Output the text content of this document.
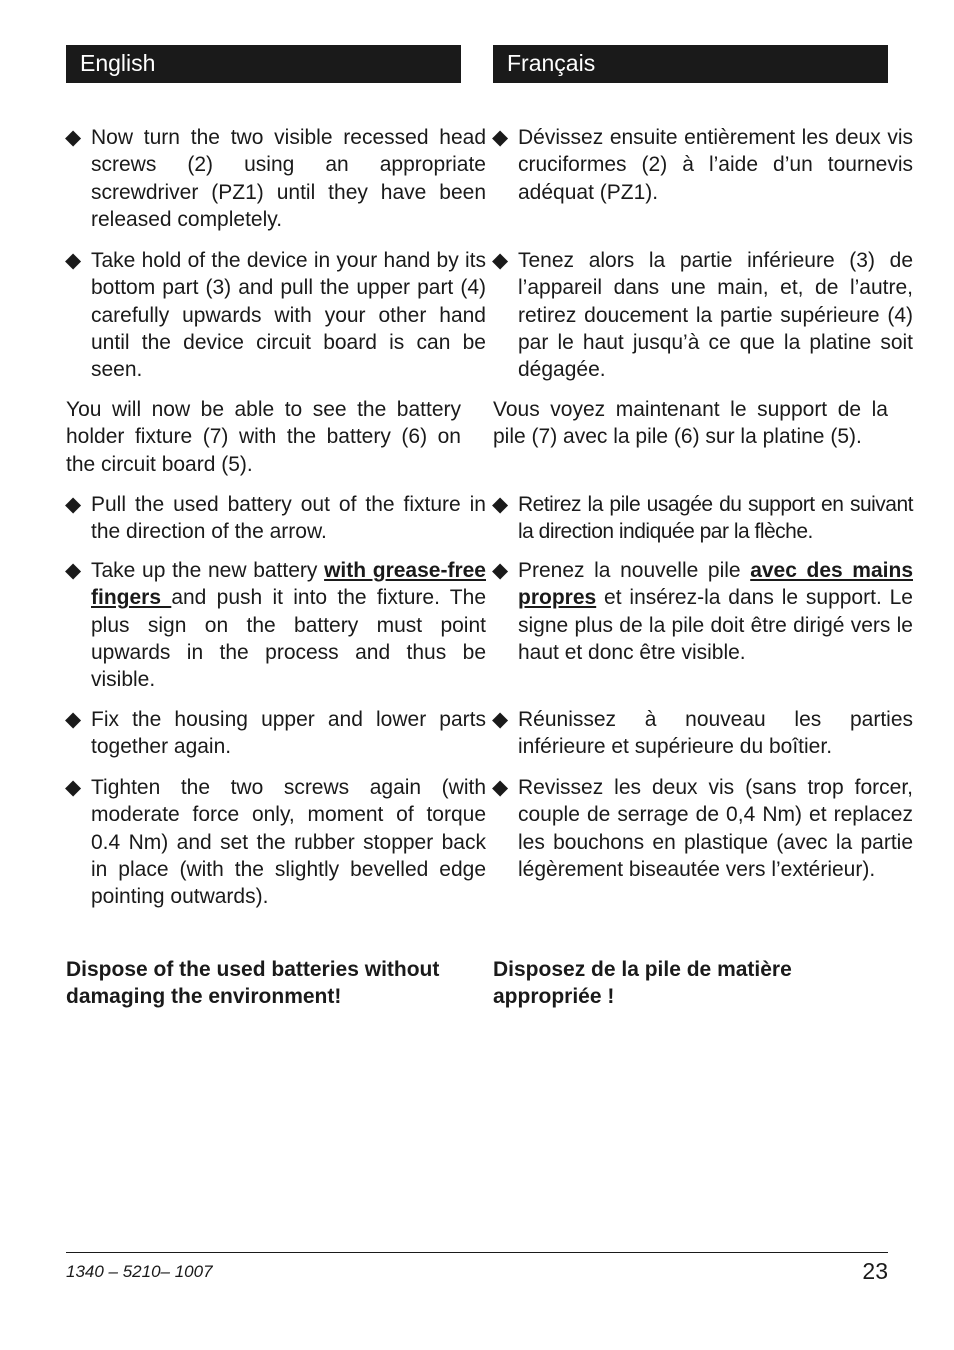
English
◆ Now turn the two visible recessed head screws (2) using an appropriate screwdriver (PZ1) until they have been released completely.
◆ Take hold of the device in your hand by its bottom part (3) and pull the upper part (4) carefully upwards with your other hand until the device circuit board is can be seen.
You will now be able to see the battery holder fixture (7) with the battery (6) on the circuit board (5).
◆ Pull the used battery out of the fixture in the direction of the arrow.
◆ Take up the new battery with grease-free fingers and push it into the fixture. The plus sign on the battery must point upwards in the process and thus be visible.
◆ Fix the housing upper and lower parts together again.
◆ Tighten the two screws again (with moderate force only, moment of torque 0.4 Nm) and set the rubber stopper back in place (with the slightly bevelled edge pointing outwards).
Dispose of the used batteries without damaging the environment!
Français
◆ Dévissez ensuite entièrement les deux vis cruciformes (2) à l’aide d’un tournevis adéquat (PZ1).
◆ Tenez alors la partie inférieure (3) de l’appareil dans une main, et, de l’autre, retirez doucement la partie supérieure (4) par le haut jusqu’à ce que la platine soit dégagée.
Vous voyez maintenant le support de la pile (7) avec la pile (6) sur la platine (5).
◆ Retirez la pile usagée du support en suivant la direction indiquée par la flèche.
◆ Prenez la nouvelle pile avec des mains propres et insérez-la dans le support. Le signe plus de la pile doit être dirigé vers le haut et donc être visible.
◆ Réunissez à nouveau les parties inférieure et supérieure du boîtier.
◆ Revissez les deux vis (sans trop forcer, couple de serrage de 0,4 Nm) et replacez les bouchons en plastique (avec la partie légèrement biseautée vers l’extérieur).
Disposez de la pile de matière appropriée !
1340 – 5210– 1007	23
